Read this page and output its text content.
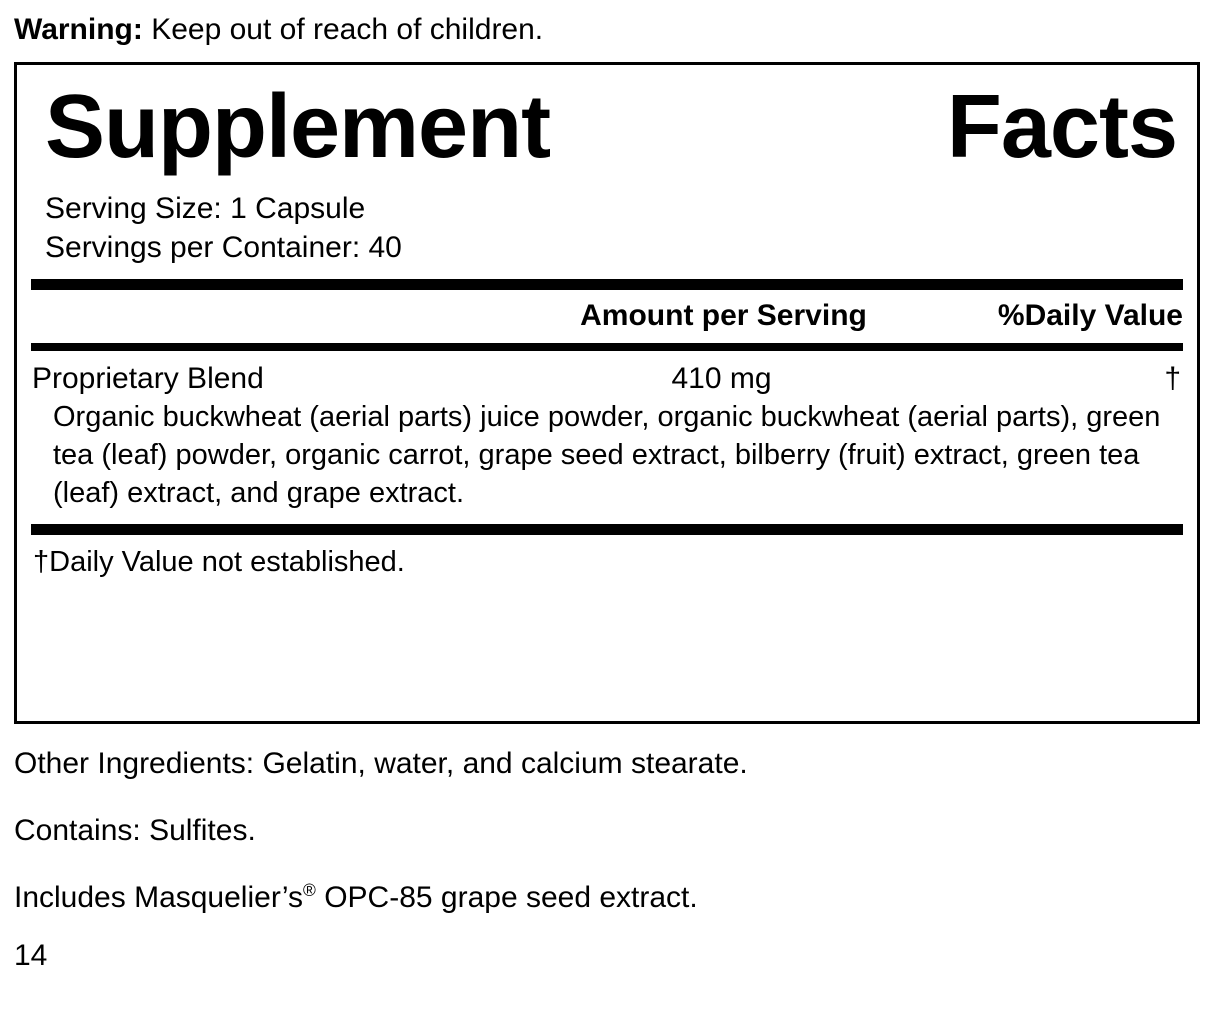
Warning: Keep out of reach of children.
Supplement	Facts
Serving Size: 1 Capsule
Servings per Container: 40
Amount per Serving	%Daily Value
Proprietary Blend	410 mg	†
Organic buckwheat (aerial parts) juice powder, organic buckwheat (aerial parts), green tea (leaf) powder, organic carrot, grape seed extract, bilberry (fruit) extract, green tea (leaf) extract, and grape extract.
†Daily Value not established.

Other Ingredients: Gelatin, water, and calcium stearate.

Contains: Sulfites.

Includes Masquelier’s® OPC-85 grape seed extract.

14
